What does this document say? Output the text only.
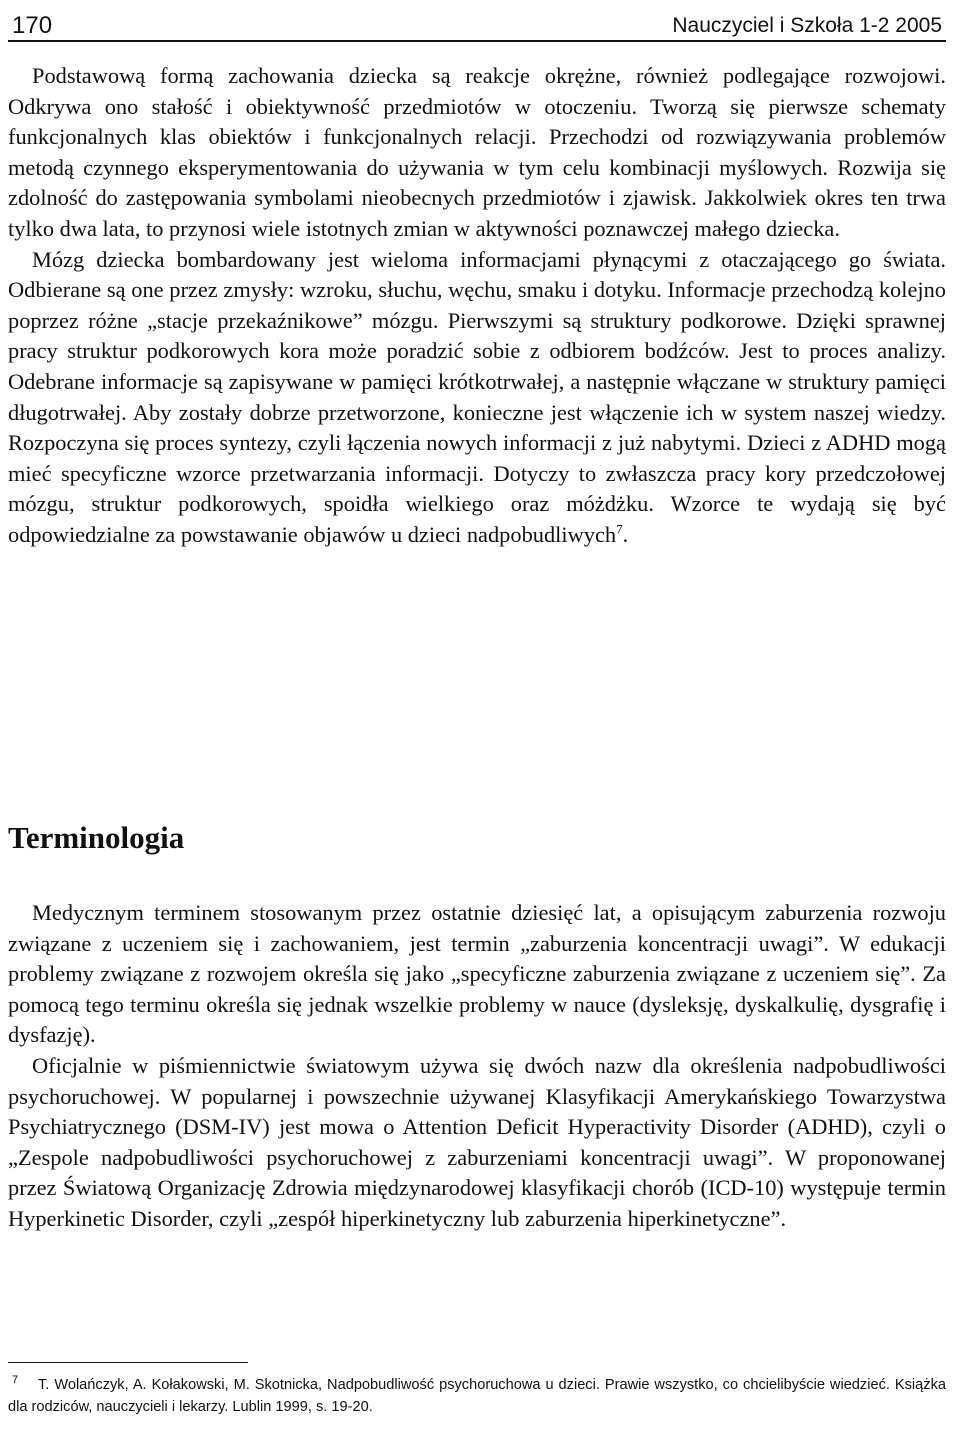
170	Nauczyciel i Szkoła 1-2 2005

Podstawową formą zachowania dziecka są reakcje okrężne, również podlegające rozwojowi. Odkrywa ono stałość i obiektywność przedmiotów w otoczeniu. Tworzą się pierwsze schematy funkcjonalnych klas obiektów i funkcjonalnych relacji. Przechodzi od rozwiązywania problemów metodą czynnego eksperymentowania do używania w tym celu kombinacji myślowych. Rozwija się zdolność do zastępowania symbolami nieobecnych przedmiotów i zjawisk. Jakkolwiek okres ten trwa tylko dwa lata, to przynosi wiele istotnych zmian w aktywności poznawczej małego dziecka.

Mózg dziecka bombardowany jest wieloma informacjami płynącymi z otaczającego go świata. Odbierane są one przez zmysły: wzroku, słuchu, węchu, smaku i dotyku. Informacje przechodzą kolejno poprzez różne „stacje przekaźnikowe” mózgu. Pierwszymi są struktury podkorowe. Dzięki sprawnej pracy struktur podkorowych kora może poradzić sobie z odbiorem bodźców. Jest to proces analizy. Odebrane informacje są zapisywane w pamięci krótkotrwałej, a następnie włączane w struktury pamięci długotrwałej. Aby zostały dobrze przetworzone, konieczne jest włączenie ich w system naszej wiedzy. Rozpoczyna się proces syntezy, czyli łączenia nowych informacji z już nabytymi. Dzieci z ADHD mogą mieć specyficzne wzorce przetwarzania informacji. Dotyczy to zwłaszcza pracy kory przedczołowej mózgu, struktur podkorowych, spoidła wielkiego oraz móżdżku. Wzorce te wydają się być odpowiedzialne za powstawanie objawów u dzieci nadpobudliwych$^7$.

Terminologia

Medycznym terminem stosowanym przez ostatnie dziesięć lat, a opisującym zaburzenia rozwoju związane z uczeniem się i zachowaniem, jest termin „zaburzenia koncentracji uwagi”. W edukacji problemy związane z rozwojem określa się jako „specyficzne zaburzenia związane z uczeniem się”. Za pomocą tego terminu określa się jednak wszelkie problemy w nauce (dysleksję, dyskalkulię, dysgrafię i dysfazję).

Oficjalnie w piśmiennictwie światowym używa się dwóch nazw dla określenia nadpobudliwości psychoruchowej. W popularnej i powszechnie używanej Klasyfikacji Amerykańskiego Towarzystwa Psychiatrycznego (DSM-IV) jest mowa o Attention Deficit Hyperactivity Disorder (ADHD), czyli o „Zespole nadpobudliwości psychoruchowej z zaburzeniami koncentracji uwagi”. W proponowanej przez Światową Organizację Zdrowia międzynarodowej klasyfikacji chorób (ICD-10) występuje termin Hyperkinetic Disorder, czyli „zespół hiperkinetyczny lub zaburzenia hiperkinetyczne”.

7 T. Wolańczyk, A. Kołakowski, M. Skotnicka, Nadpobudliwość psychoruchowa u dzieci. Prawie wszystko, co chcielibyście wiedzieć. Książka dla rodziców, nauczycieli i lekarzy. Lublin 1999, s. 19-20.
